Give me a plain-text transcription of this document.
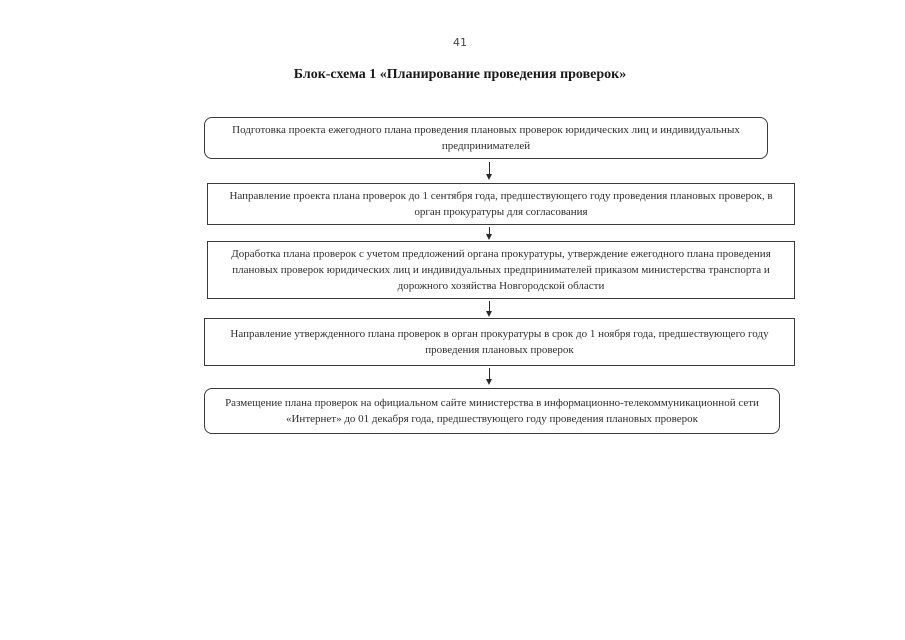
41
Блок-схема 1 «Планирование проведения проверок»
Подготовка проекта ежегодного плана проведения плановых проверок юридических лиц и индивидуальных предпринимателей
Направление проекта плана проверок до 1 сентября года, предшествующего году проведения плановых проверок, в орган прокуратуры для согласования
Доработка плана проверок с учетом предложений органа прокуратуры, утверждение ежегодного плана проведения плановых проверок юридических лиц и индивидуальных предпринимателей приказом министерства транспорта и дорожного хозяйства Новгородской области
Направление утвержденного плана проверок в орган прокуратуры в срок до 1 ноября года, предшествующего году проведения плановых проверок
Размещение плана проверок на официальном сайте министерства в информационно-телекоммуникационной сети «Интернет» до 01 декабря года, предшествующего году проведения плановых проверок
